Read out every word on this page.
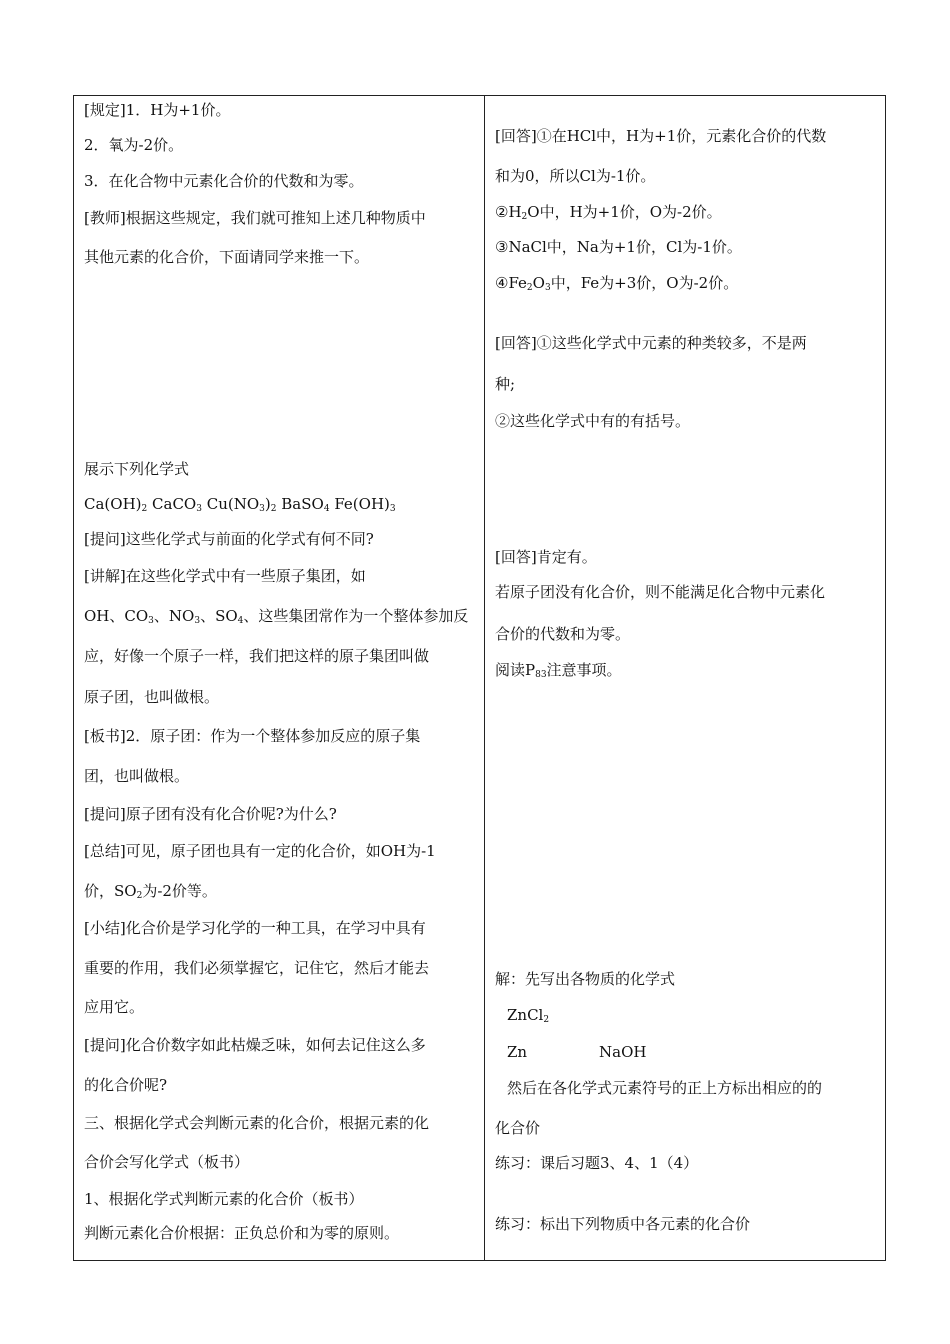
[规定]1．H为+1价。
2．氧为-2价。
3．在化合物中元素化合价的代数和为零。
[教师]根据这些规定，我们就可推知上述几种物质中
其他元素的化合价，下面请同学来推一下。
展示下列化学式
$Ca(OH)_2$ CaCO$_3$ $Cu(NO_3)_2$ BaSO$_4$ $Fe(OH)_3$
[提问]这些化学式与前面的化学式有何不同?
[讲解]在这些化学式中有一些原子集团，如
OH、$CO_3$、$NO_3$、$SO_4$、这些集团常作为一个整体参加反
应，好像一个原子一样，我们把这样的原子集团叫做
原子团，也叫做根。
[板书]2．原子团：作为一个整体参加反应的原子集
团，也叫做根。
[提问]原子团有没有化合价呢?为什么?
[总结]可见，原子团也具有一定的化合价，如OH为-1
价，$SO_2$为-2价等。
[小结]化合价是学习化学的一种工具，在学习中具有
重要的作用，我们必须掌握它，记住它，然后才能去
应用它。
[提问]化合价数字如此枯燥乏味，如何去记住这么多
的化合价呢?
三、根据化学式会判断元素的化合价，根据元素的化
合价会写化学式（板书）
1、根据化学式判断元素的化合价（板书）
判断元素化合价根据：正负总价和为零的原则。
[回答]①在HCl中，H为+1价，元素化合价的代数
和为0，所以Cl为-1价。
$②H_2O$中，H为+1价，O为-2价。
③NaCl中，Na为+1价，Cl为-1价。
$④Fe_2O_3$中，Fe为+3价，O为-2价。
[回答]①这些化学式中元素的种类较多，不是两
种;
②这些化学式中有的有括号。
[回答]肯定有。
若原子团没有化合价，则不能满足化合物中元素化
合价的代数和为零。
阅读$P_{83}$注意事项。
解：先写出各物质的化学式
ZnCl$_2$
Zn	NaOH
然后在各化学式元素符号的正上方标出相应的的
化合价
练习：课后习题3、4、1（4）
练习：标出下列物质中各元素的化合价
